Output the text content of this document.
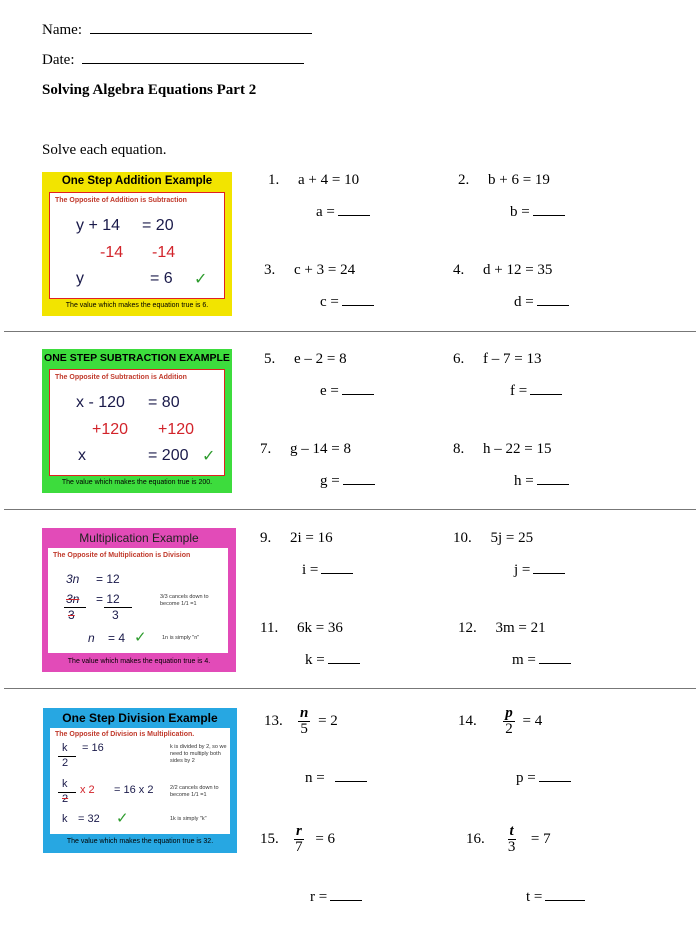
Name:
Date:
Solving Algebra Equations Part 2
Solve each equation.
One Step Addition Example
The Opposite of Addition is Subtraction
y + 14 = 20
-14 -14
y	= 6 ✓
The value which makes the equation true is 6.
ONE STEP SUBTRACTION EXAMPLE
The Opposite of Subtraction is Addition
x - 120 = 80
+120 +120
x	= 200 ✓
The value which makes the equation true is 200.
Multiplication Example
The Opposite of Multiplication is Division
3n = 12
3n
3
= 12
3
3/3 cancels down to become 1/1 =1
n = 4 ✓	1n is simply "n"
The value which makes the equation true is 4.
One Step Division Example
The Opposite of Division is Multiplication.
k
2
= 16	k is divided by 2, so we need to multiply both sides by 2
k
2
x 2 = 16 x 2	2/2 cancels down to become 1/1 =1
k = 32 ✓	1k is simply "k"
The value which makes the equation true is 32.
1. a + 4 = 10
a =
2. b + 6 = 19
b =
3. c + 3 = 24
c =
4. d + 12 = 35
d =
5. e – 2 = 8
e =
6. f – 7 = 13
f =
7. g – 14 = 8
g =
8. h – 22 = 15
h =
9. 2i = 16
i =
10. 5j = 25
j =
11. 6k = 36
k =
12. 3m = 21
m =
13. $\frac{n}{5} = 2$
n =
14. $\frac{p}{2} = 4$
p =
15. $\frac{r}{7} = 6$
r =
16. $\frac{t}{3} = 7$
t =
